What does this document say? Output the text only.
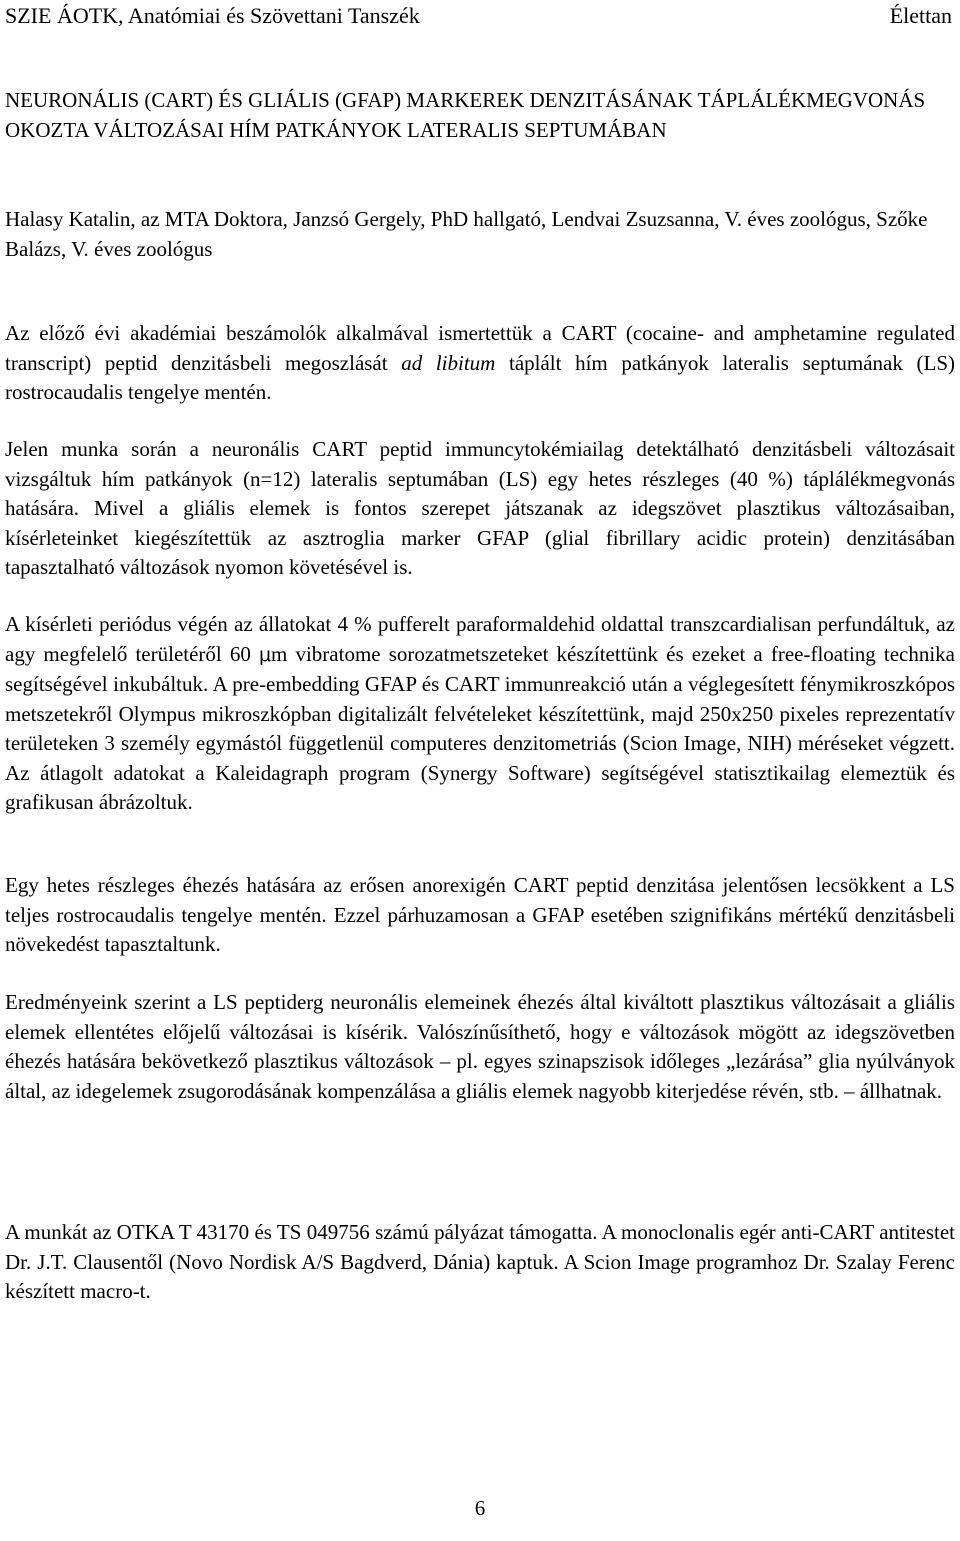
SZIE ÁOTK, Anatómiai és Szövettani Tanszék	Élettan
NEURONÁLIS (CART) ÉS GLIÁLIS (GFAP) MARKEREK DENZITÁSÁNAK TÁPLÁLÉKMEGVONÁS OKOZTA VÁLTOZÁSAI HÍM PATKÁNYOK LATERALIS SEPTUMÁBAN
Halasy Katalin, az MTA Doktora, Janzsó Gergely, PhD hallgató, Lendvai Zsuzsanna, V. éves zoológus, Szőke Balázs, V. éves zoológus

Az előző évi akadémiai beszámolók alkalmával ismertettük a CART (cocaine- and amphetamine regulated transcript) peptid denzitásbeli megoszlását ad libitum táplált hím patkányok lateralis septumának (LS) rostrocaudalis tengelye mentén.

Jelen munka során a neuronális CART peptid immuncytokémiailag detektálható denzitásbeli változásait vizsgáltuk hím patkányok (n=12) lateralis septumában (LS) egy hetes részleges (40 %) táplálékmegvonás hatására. Mivel a gliális elemek is fontos szerepet játszanak az idegszövet plasztikus változásaiban, kísérleteinket kiegészítettük az asztroglia marker GFAP (glial fibrillary acidic protein) denzitásában tapasztalható változások nyomon követésével is.

A kísérleti periódus végén az állatokat 4 % pufferelt paraformaldehid oldattal transzcardialisan perfundáltuk, az agy megfelelő területéről 60 μm vibratome sorozatmetszeteket készítettünk és ezeket a free-floating technika segítségével inkubáltuk. A pre-embedding GFAP és CART immunreakció után a véglegesített fénymikroszkópos metszetekről Olympus mikroszkópban digitalizált felvételeket készítettünk, majd 250x250 pixeles reprezentatív területeken 3 személy egymástól függetlenül computeres denzitometriás (Scion Image, NIH) méréseket végzett. Az átlagolt adatokat a Kaleidagraph program (Synergy Software) segítségével statisztikailag elemeztük és grafikusan ábrázoltuk.

Egy hetes részleges éhezés hatására az erősen anorexigén CART peptid denzitása jelentősen lecsökkent a LS teljes rostrocaudalis tengelye mentén. Ezzel párhuzamosan a GFAP esetében szignifikáns mértékű denzitásbeli növekedést tapasztaltunk.

Eredményeink szerint a LS peptiderg neuronális elemeinek éhezés által kiváltott plasztikus változásait a gliális elemek ellentétes előjelű változásai is kísérik. Valószínűsíthető, hogy e változások mögött az idegszövetben éhezés hatására bekövetkező plasztikus változások – pl. egyes szinapszisok időleges „lezárása” glia nyúlványok által, az idegelemek zsugorodásának kompenzálása a gliális elemek nagyobb kiterjedése révén, stb. – állhatnak.

A munkát az OTKA T 43170 és TS 049756 számú pályázat támogatta. A monoclonalis egér anti-CART antitestet Dr. J.T. Clausentől (Novo Nordisk A/S Bagdverd, Dánia) kaptuk. A Scion Image programhoz Dr. Szalay Ferenc készített macro-t.

6
